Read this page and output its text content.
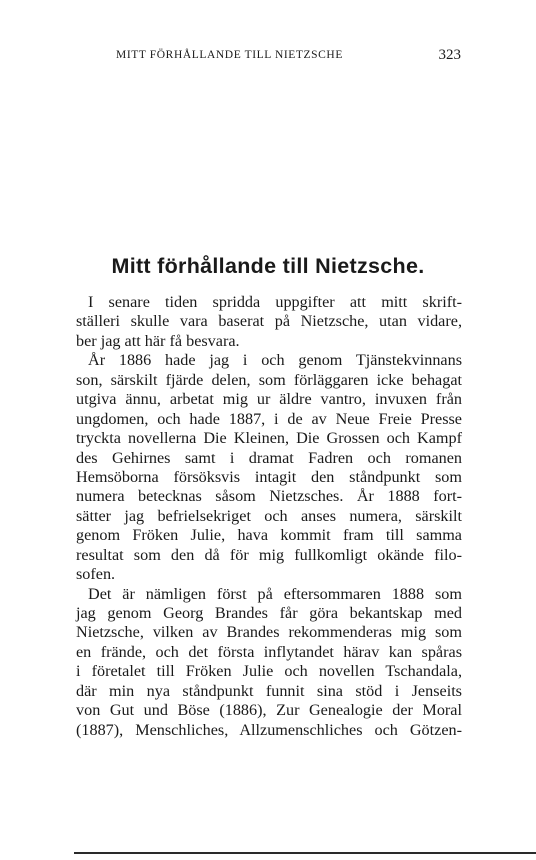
MITT FÖRHÅLLANDE TILL NIETZSCHE	323
Mitt förhållande till Nietzsche.
I senare tiden spridda uppgifter att mitt skrift-
ställeri skulle vara baserat på Nietzsche, utan vidare,
ber jag att här få besvara.
År 1886 hade jag i och genom Tjänstekvinnans
son, särskilt fjärde delen, som förläggaren icke behagat
utgiva ännu, arbetat mig ur äldre vantro, invuxen från
ungdomen, och hade 1887, i de av Neue Freie Presse
tryckta novellerna Die Kleinen, Die Grossen och Kampf
des Gehirnes samt i dramat Fadren och romanen
Hemsöborna försöksvis intagit den ståndpunkt som
numera betecknas såsom Nietzsches. År 1888 fort-
sätter jag befrielsekriget och anses numera, särskilt
genom Fröken Julie, hava kommit fram till samma
resultat som den då för mig fullkomligt okände filo-
sofen.
Det är nämligen först på eftersommaren 1888 som
jag genom Georg Brandes får göra bekantskap med
Nietzsche, vilken av Brandes rekommenderas mig som
en frände, och det första inflytandet härav kan spåras
i företalet till Fröken Julie och novellen Tschandala,
där min nya ståndpunkt funnit sina stöd i Jenseits
von Gut und Böse (1886), Zur Genealogie der Moral
(1887), Menschliches, Allzumenschliches och Götzen-
